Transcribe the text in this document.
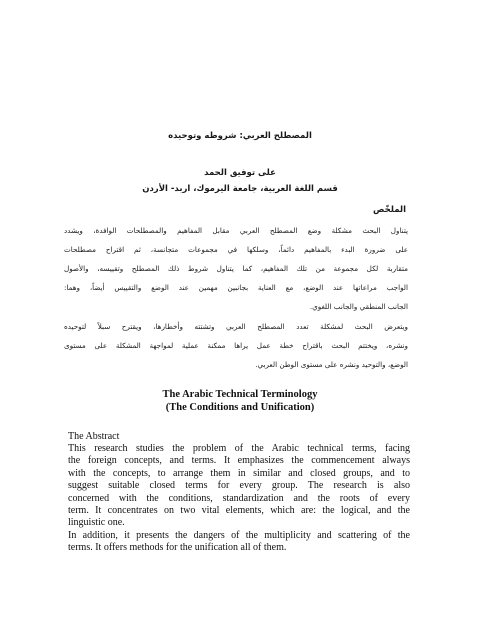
المصطلح العربي: شروطه وتوحيده
على توفيق الحمد
قسم اللغة العربية، جامعة اليرموك، اربد- الأردن
الملخّص
يتناول البحث مشكلة وضع المصطلح العربي مقابل المفاهيم والمصطلحات الوافدة، ويشدد
على ضرورة البدء بالمفاهيم دائماً، وسلكها في مجموعات متجانسة، ثم اقتراح مصطلحات
متقاربة لكل مجموعة من تلك المفاهيم، كما يتناول شروط ذلك المصطلح وتقييسه، والأصول
الواجب مراعاتها عند الوضع، مع العناية بجانبين مهمين عند الوضع والتقييس أيضاً، وهما:
الجانب المنطقي والجانب اللغوي.
ويتعرض البحث لمشكلة تعدد المصطلح العربي وتشتته وأخطارها، ويقترح سبلاً لتوحيده
ونشره، ويختتم البحث باقتراح خطة عمل يراها ممكنة عملية لمواجهة المشكلة على مستوى
الوضع، والتوحيد ونشره على مستوى الوطن العربي.
The Arabic Technical Terminology
(The Conditions and Unification)
The Abstract
This research studies the problem of the Arabic technical terms, facing
the foreign concepts, and terms. It emphasizes the commencement always
with the concepts, to arrange them in similar and closed groups, and to
suggest suitable closed terms for every group. The research is also
concerned with the conditions, standardization and the roots of every
term. It concentrates on two vital elements, which are: the logical, and the
linguistic one.
In addition, it presents the dangers of the multiplicity and scattering of the
terms. It offers methods for the unification all of them.
